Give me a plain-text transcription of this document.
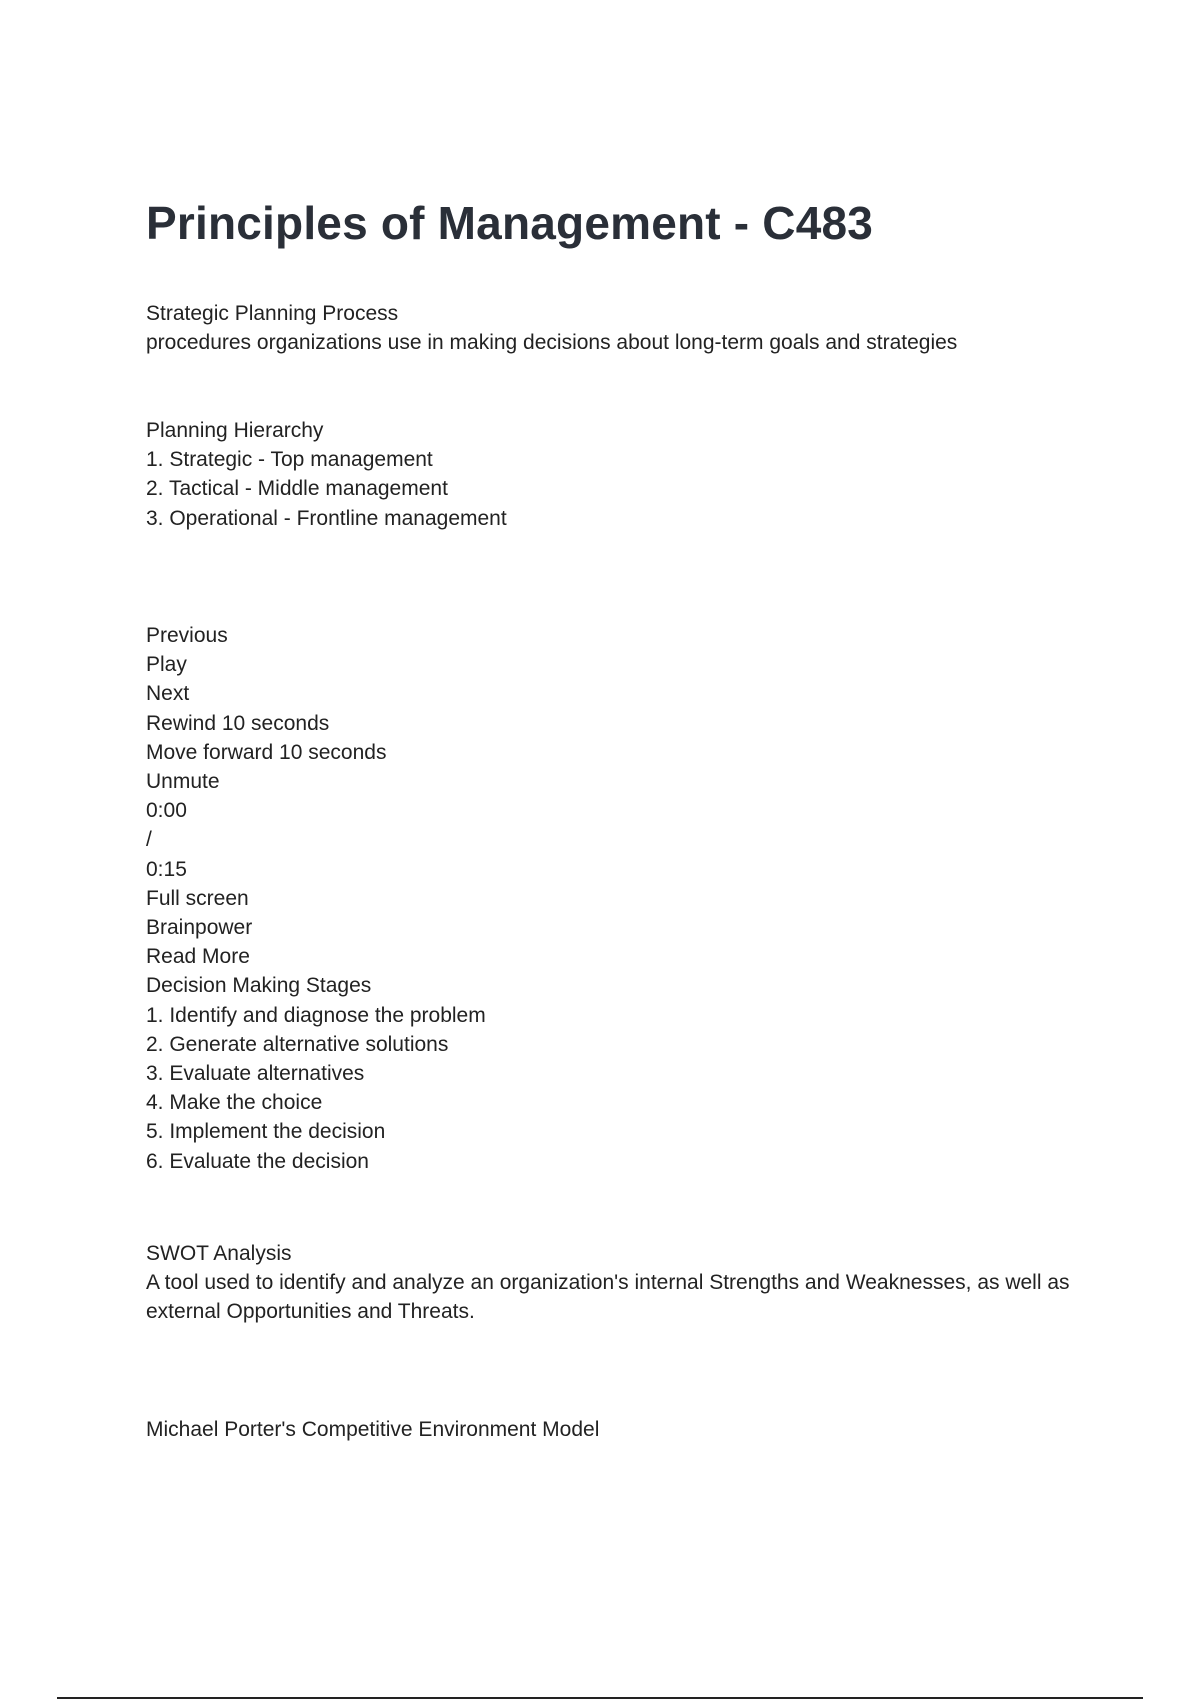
Principles of Management - C483
Strategic Planning Process
procedures organizations use in making decisions about long-term goals and strategies
Planning Hierarchy
1. Strategic - Top management
2. Tactical - Middle management
3. Operational - Frontline management
Previous
Play
Next
Rewind 10 seconds
Move forward 10 seconds
Unmute
0:00
/
0:15
Full screen
Brainpower
Read More
Decision Making Stages
1. Identify and diagnose the problem
2. Generate alternative solutions
3. Evaluate alternatives
4. Make the choice
5. Implement the decision
6. Evaluate the decision
SWOT Analysis
A tool used to identify and analyze an organization's internal Strengths and Weaknesses, as well as external Opportunities and Threats.
Michael Porter's Competitive Environment Model
